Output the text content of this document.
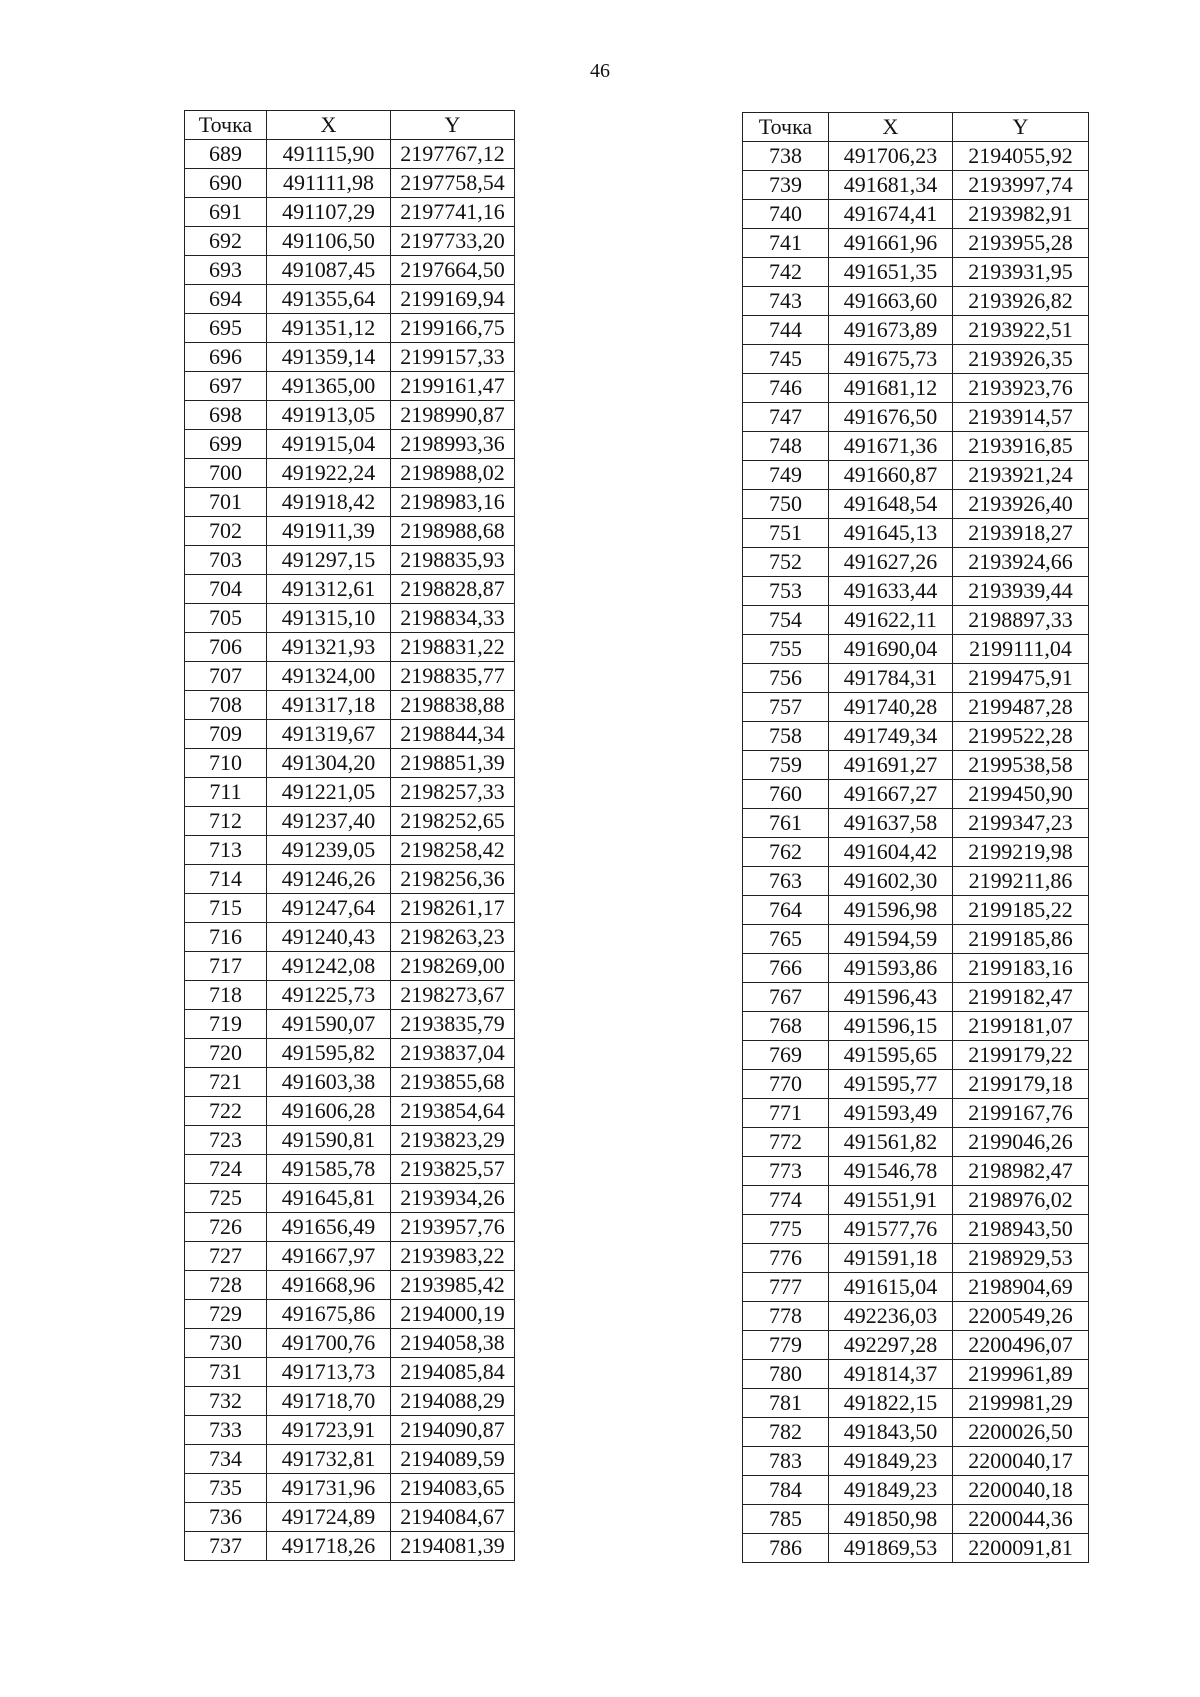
46
Точка	X	Y
689	491115,90	2197767,12
690	491111,98	2197758,54
691	491107,29	2197741,16
692	491106,50	2197733,20
693	491087,45	2197664,50
694	491355,64	2199169,94
695	491351,12	2199166,75
696	491359,14	2199157,33
697	491365,00	2199161,47
698	491913,05	2198990,87
699	491915,04	2198993,36
700	491922,24	2198988,02
701	491918,42	2198983,16
702	491911,39	2198988,68
703	491297,15	2198835,93
704	491312,61	2198828,87
705	491315,10	2198834,33
706	491321,93	2198831,22
707	491324,00	2198835,77
708	491317,18	2198838,88
709	491319,67	2198844,34
710	491304,20	2198851,39
711	491221,05	2198257,33
712	491237,40	2198252,65
713	491239,05	2198258,42
714	491246,26	2198256,36
715	491247,64	2198261,17
716	491240,43	2198263,23
717	491242,08	2198269,00
718	491225,73	2198273,67
719	491590,07	2193835,79
720	491595,82	2193837,04
721	491603,38	2193855,68
722	491606,28	2193854,64
723	491590,81	2193823,29
724	491585,78	2193825,57
725	491645,81	2193934,26
726	491656,49	2193957,76
727	491667,97	2193983,22
728	491668,96	2193985,42
729	491675,86	2194000,19
730	491700,76	2194058,38
731	491713,73	2194085,84
732	491718,70	2194088,29
733	491723,91	2194090,87
734	491732,81	2194089,59
735	491731,96	2194083,65
736	491724,89	2194084,67
737	491718,26	2194081,39
Точка	X	Y
738	491706,23	2194055,92
739	491681,34	2193997,74
740	491674,41	2193982,91
741	491661,96	2193955,28
742	491651,35	2193931,95
743	491663,60	2193926,82
744	491673,89	2193922,51
745	491675,73	2193926,35
746	491681,12	2193923,76
747	491676,50	2193914,57
748	491671,36	2193916,85
749	491660,87	2193921,24
750	491648,54	2193926,40
751	491645,13	2193918,27
752	491627,26	2193924,66
753	491633,44	2193939,44
754	491622,11	2198897,33
755	491690,04	2199111,04
756	491784,31	2199475,91
757	491740,28	2199487,28
758	491749,34	2199522,28
759	491691,27	2199538,58
760	491667,27	2199450,90
761	491637,58	2199347,23
762	491604,42	2199219,98
763	491602,30	2199211,86
764	491596,98	2199185,22
765	491594,59	2199185,86
766	491593,86	2199183,16
767	491596,43	2199182,47
768	491596,15	2199181,07
769	491595,65	2199179,22
770	491595,77	2199179,18
771	491593,49	2199167,76
772	491561,82	2199046,26
773	491546,78	2198982,47
774	491551,91	2198976,02
775	491577,76	2198943,50
776	491591,18	2198929,53
777	491615,04	2198904,69
778	492236,03	2200549,26
779	492297,28	2200496,07
780	491814,37	2199961,89
781	491822,15	2199981,29
782	491843,50	2200026,50
783	491849,23	2200040,17
784	491849,23	2200040,18
785	491850,98	2200044,36
786	491869,53	2200091,81
